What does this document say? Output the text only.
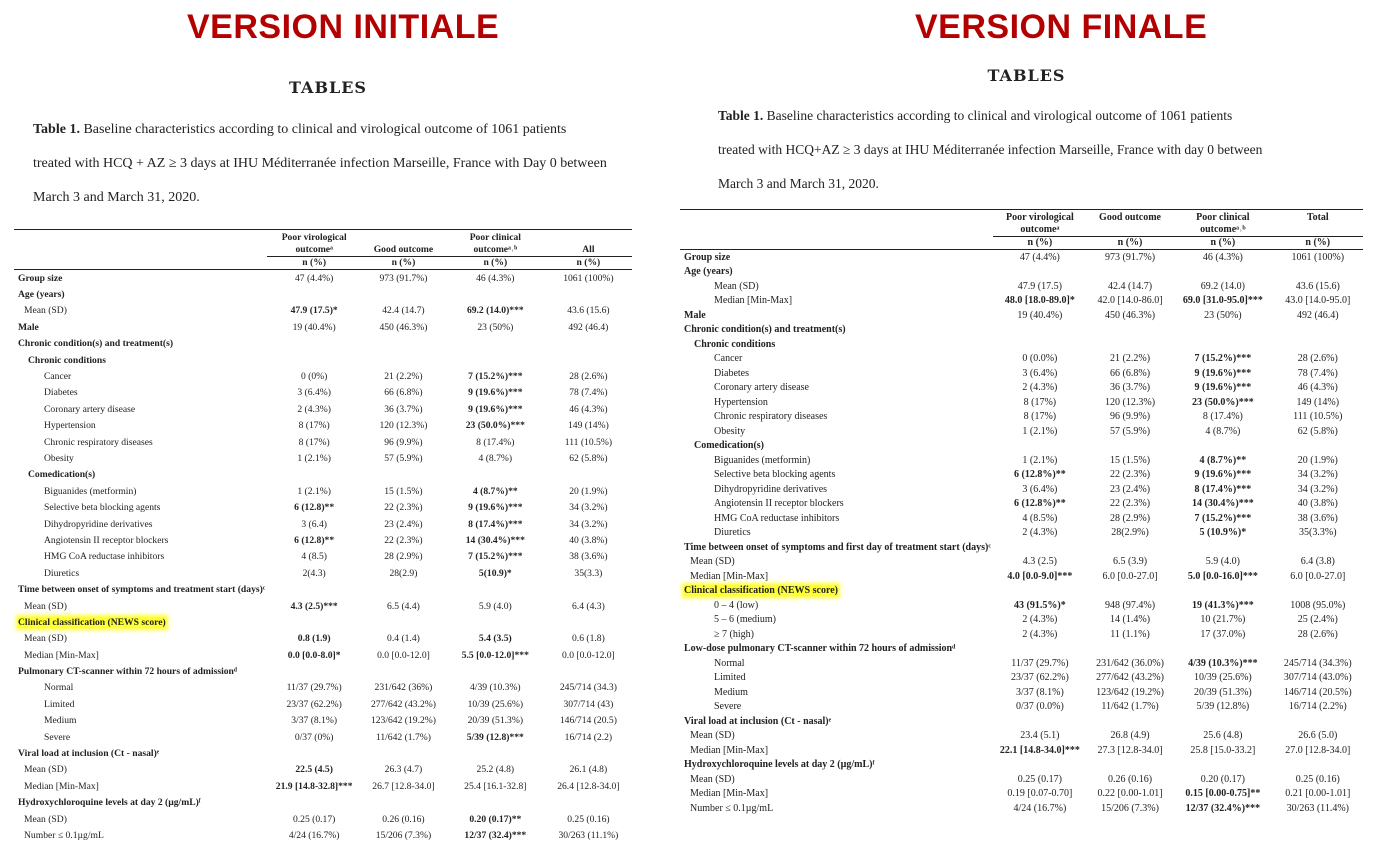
VERSION INITIALE	VERSION FINALE
TABLES
Table 1. Baseline characteristics according to clinical and virological outcome of 1061 patients
treated with HCQ + AZ ≥ 3 days at IHU Méditerranée infection Marseille, France with Day 0 between
March 3 and March 31, 2020.
	Poor virological
outcomeᵃ	Good outcome	Poor clinical
outcomeᵃ˒ᵇ	All
	n (%)	n (%)	n (%)	n (%)
Group size	47 (4.4%)	973 (91.7%)	46 (4.3%)	1061 (100%)
Age (years)				
Mean (SD)	47.9 (17.5)*	42.4 (14.7)	69.2 (14.0)***	43.6 (15.6)
Male	19 (40.4%)	450 (46.3%)	23 (50%)	492 (46.4)
Chronic condition(s) and treatment(s)				
Chronic conditions				
Cancer	0 (0%)	21 (2.2%)	7 (15.2%)***	28 (2.6%)
Diabetes	3 (6.4%)	66 (6.8%)	9 (19.6%)***	78 (7.4%)
Coronary artery disease	2 (4.3%)	36 (3.7%)	9 (19.6%)***	46 (4.3%)
Hypertension	8 (17%)	120 (12.3%)	23 (50.0%)***	149 (14%)
Chronic respiratory diseases	8 (17%)	96 (9.9%)	8 (17.4%)	111 (10.5%)
Obesity	1 (2.1%)	57 (5.9%)	4 (8.7%)	62 (5.8%)
Comedication(s)				
Biguanides (metformin)	1 (2.1%)	15 (1.5%)	4 (8.7%)**	20 (1.9%)
Selective beta blocking agents	6 (12.8)**	22 (2.3%)	9 (19.6%)***	34 (3.2%)
Dihydropyridine derivatives	3 (6.4)	23 (2.4%)	8 (17.4%)***	34 (3.2%)
Angiotensin II receptor blockers	6 (12.8)**	22 (2.3%)	14 (30.4%)***	40 (3.8%)
HMG CoA reductase inhibitors	4 (8.5)	28 (2.9%)	7 (15.2%)***	38 (3.6%)
Diuretics	2(4.3)	28(2.9)	5(10.9)*	35(3.3)
Time between onset of symptoms and treatment start (days)ᶜ				
Mean (SD)	4.3 (2.5)***	6.5 (4.4)	5.9 (4.0)	6.4 (4.3)
Clinical classification (NEWS score)				
Mean (SD)	0.8 (1.9)	0.4 (1.4)	5.4 (3.5)	0.6 (1.8)
Median [Min-Max]	0.0 [0.0-8.0]*	0.0 [0.0-12.0]	5.5 [0.0-12.0]***	0.0 [0.0-12.0]
Pulmonary CT-scanner within 72 hours of admissionᵈ				
Normal	11/37 (29.7%)	231/642 (36%)	4/39 (10.3%)	245/714 (34.3)
Limited	23/37 (62.2%)	277/642 (43.2%)	10/39 (25.6%)	307/714 (43)
Medium	3/37 (8.1%)	123/642 (19.2%)	20/39 (51.3%)	146/714 (20.5)
Severe	0/37 (0%)	11/642 (1.7%)	5/39 (12.8)***	16/714 (2.2)
Viral load at inclusion (Ct - nasal)ᵉ				
Mean (SD)	22.5 (4.5)	26.3 (4.7)	25.2 (4.8)	26.1 (4.8)
Median [Min-Max]	21.9 [14.8-32.8]***	26.7 [12.8-34.0]	25.4 [16.1-32.8]	26.4 [12.8-34.0]
Hydroxychloroquine levels at day 2 (µg/mL)ᶠ				
Mean (SD)	0.25 (0.17)	0.26 (0.16)	0.20 (0.17)**	0.25 (0.16)
Number ≤ 0.1µg/mL	4/24 (16.7%)	15/206 (7.3%)	12/37 (32.4)***	30/263 (11.1%)
TABLES
Table 1. Baseline characteristics according to clinical and virological outcome of 1061 patients
treated with HCQ+AZ ≥ 3 days at IHU Méditerranée infection Marseille, France with day 0 between
March 3 and March 31, 2020.
	Poor virological
outcomeᵃ	Good outcome	Poor clinical
outcomeᵃ˒ᵇ	Total
	n (%)	n (%)	n (%)	n (%)
Group size	47 (4.4%)	973 (91.7%)	46 (4.3%)	1061 (100%)
Age (years)				
Mean (SD)	47.9 (17.5)	42.4 (14.7)	69.2 (14.0)	43.6 (15.6)
Median [Min-Max]	48.0 [18.0-89.0]*	42.0 [14.0-86.0]	69.0 [31.0-95.0]***	43.0 [14.0-95.0]
Male	19 (40.4%)	450 (46.3%)	23 (50%)	492 (46.4)
Chronic condition(s) and treatment(s)				
Chronic conditions				
Cancer	0 (0.0%)	21 (2.2%)	7 (15.2%)***	28 (2.6%)
Diabetes	3 (6.4%)	66 (6.8%)	9 (19.6%)***	78 (7.4%)
Coronary artery disease	2 (4.3%)	36 (3.7%)	9 (19.6%)***	46 (4.3%)
Hypertension	8 (17%)	120 (12.3%)	23 (50.0%)***	149 (14%)
Chronic respiratory diseases	8 (17%)	96 (9.9%)	8 (17.4%)	111 (10.5%)
Obesity	1 (2.1%)	57 (5.9%)	4 (8.7%)	62 (5.8%)
Comedication(s)				
Biguanides (metformin)	1 (2.1%)	15 (1.5%)	4 (8.7%)**	20 (1.9%)
Selective beta blocking agents	6 (12.8%)**	22 (2.3%)	9 (19.6%)***	34 (3.2%)
Dihydropyridine derivatives	3 (6.4%)	23 (2.4%)	8 (17.4%)***	34 (3.2%)
Angiotensin II receptor blockers	6 (12.8%)**	22 (2.3%)	14 (30.4%)***	40 (3.8%)
HMG CoA reductase inhibitors	4 (8.5%)	28 (2.9%)	7 (15.2%)***	38 (3.6%)
Diuretics	2 (4.3%)	28(2.9%)	5 (10.9%)*	35(3.3%)
Time between onset of symptoms and first day of treatment start (days)ᶜ				
Mean (SD)	4.3 (2.5)	6.5 (3.9)	5.9 (4.0)	6.4 (3.8)
Median [Min-Max]	4.0 [0.0-9.0]***	6.0 [0.0-27.0]	5.0 [0.0-16.0]***	6.0 [0.0-27.0]
Clinical classification (NEWS score)				
0 – 4 (low)	43 (91.5%)*	948 (97.4%)	19 (41.3%)***	1008 (95.0%)
5 – 6 (medium)	2 (4.3%)	14 (1.4%)	10 (21.7%)	25 (2.4%)
≥ 7 (high)	2 (4.3%)	11 (1.1%)	17 (37.0%)	28 (2.6%)
Low-dose pulmonary CT-scanner within 72 hours of admissionᵈ				
Normal	11/37 (29.7%)	231/642 (36.0%)	4/39 (10.3%)***	245/714 (34.3%)
Limited	23/37 (62.2%)	277/642 (43.2%)	10/39 (25.6%)	307/714 (43.0%)
Medium	3/37 (8.1%)	123/642 (19.2%)	20/39 (51.3%)	146/714 (20.5%)
Severe	0/37 (0.0%)	11/642 (1.7%)	5/39 (12.8%)	16/714 (2.2%)
Viral load at inclusion (Ct - nasal)ᵉ				
Mean (SD)	23.4 (5.1)	26.8 (4.9)	25.6 (4.8)	26.6 (5.0)
Median [Min-Max]	22.1 [14.8-34.0]***	27.3 [12.8-34.0]	25.8 [15.0-33.2]	27.0 [12.8-34.0]
Hydroxychloroquine levels at day 2 (µg/mL)ᶠ				
Mean (SD)	0.25 (0.17)	0.26 (0.16)	0.20 (0.17)	0.25 (0.16)
Median [Min-Max]	0.19 [0.07-0.70]	0.22 [0.00-1.01]	0.15 [0.00-0.75]**	0.21 [0.00-1.01]
Number ≤ 0.1µg/mL	4/24 (16.7%)	15/206 (7.3%)	12/37 (32.4%)***	30/263 (11.4%)
